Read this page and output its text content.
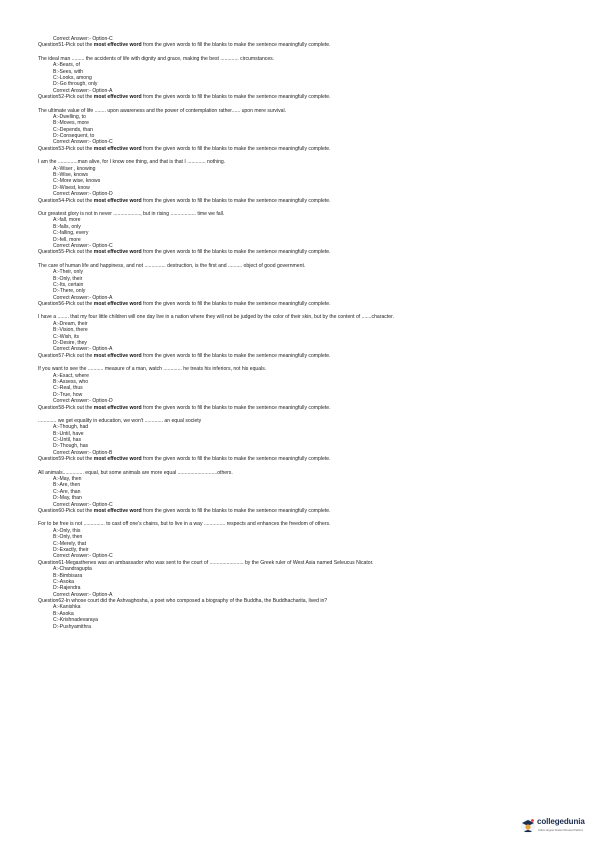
Correct Answer:- Option-C
Question51-Pick out the most effective word from the given words to fill the blanks to make the sentence meaningfully complete.
The ideal man ......... the accidents of life with dignity and grace, making the best ............. circumstances.
A:-Bears, of
B:-Sees, with
C:-Looks, among
D:-Go through, only
Correct Answer:- Option-A
Question52-Pick out the most effective word from the given words to fill the blanks to make the sentence meaningfully complete.
The ultimate value of life ........ upon awareness and the power of contemplation rather...... upon mere survival.
A:-Dwelling, to
B:-Moves, more
C:-Depends, than
D:-Consequent, to
Correct Answer:- Option-C
Question53-Pick out the most effective word from the given words to fill the blanks to make the sentence meaningfully complete.
I am the ..............man alive, for I know one thing, and that is that I ............. nothing.
A:-Wiser , knowing
B:-Wise, knows
C:-More wise, knows
D:-Wisest, know
Correct Answer:- Option-D
Question54-Pick out the most effective word from the given words to fill the blanks to make the sentence meaningfully complete.
Our greatest glory is not in never ..................., but in rising .................. time we fall.
A:-fall, more
B:-falls, only
C:-falling, every
D:-fell, more
Correct Answer:- Option-C
Question55-Pick out the most effective word from the given words to fill the blanks to make the sentence meaningfully complete.
The care of human life and happiness, and not ............... destruction, is the first and .......... object of good government.
A:-Their, only
B:-Only, their
C:-Its, certain
D:-There, only
Correct Answer:- Option-A
Question56-Pick out the most effective word from the given words to fill the blanks to make the sentence meaningfully complete.
I have a ........ that my four little children will one day live in a nation where they will not be judged by the color of their skin, but by the content of .......character.
A:-Dream, their
B:-Vision, there
C:-Wish, its
D:-Desire, they
Correct Answer:- Option-A
Question57-Pick out the most effective word from the given words to fill the blanks to make the sentence meaningfully complete.
If you want to see the ........... measure of a man, watch ............. he treats his inferiors, not his equals.
A:-Exact, where
B:-Assess, who
C:-Real, thus
D:-True, how
Correct Answer:- Option-D
Question58-Pick out the most effective word from the given words to fill the blanks to make the sentence meaningfully complete.
............. we get equality in education, we won't ............. an equal society
A:-Though, had
B:-Until, have
C:-Until, has
D:-Though, has
Correct Answer:- Option-B
Question59-Pick out the most effective word from the given words to fill the blanks to make the sentence meaningfully complete.
All animals............... equal, but some animals are more equal ............................others.
A:-May, then
B:-Are, then
C:-Are, than
D:-May, than
Correct Answer:- Option-C
Question60-Pick out the most effective word from the given words to fill the blanks to make the sentence meaningfully complete.
For to be free is not ............... to cast off one's chains, but to live in a way ............... respects and enhances the freedom of others.
A:-Only, this
B:-Only, then
C:-Merely, that
D:-Exactly, their
Correct Answer:- Option-C
Question61-Megasthenes was an ambassador who was sent to the court of ........................ by the Greek ruler of West Asia named Seleucus Nicator.
A:-Chandragupta
B:-Bimbisara
C:-Asoka
D:-Rajendra
Correct Answer:- Option-A
Question62-In whose court did the Ashvaghosha, a poet who composed a biography of the Buddha, the Buddhacharita, lived in?
A:-Kanishka
B:-Asoka
C:-Krishnadevaraya
D:-Pushyamithra
collegedunia
India's largest Student Review Platform
